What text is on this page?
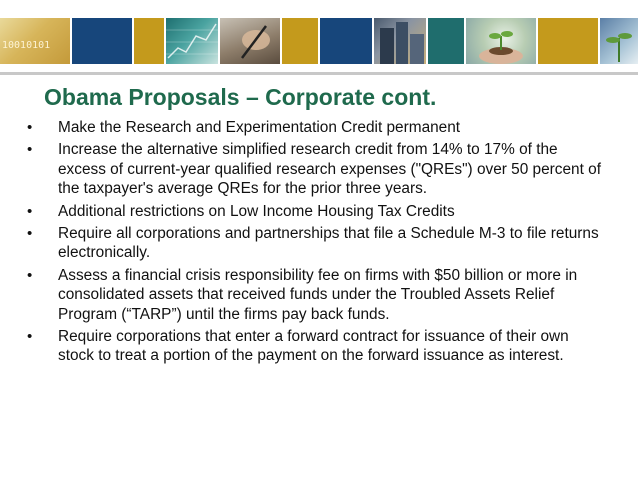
10010101
Obama Proposals – Corporate cont.
• Make the Research and Experimentation Credit permanent
• Increase the alternative simplified research credit from 14% to 17% of the excess of current-year qualified research expenses ("QREs") over 50 percent of the taxpayer's average QREs for the prior three years.
• Additional restrictions on Low Income Housing Tax Credits
• Require all corporations and partnerships that file a Schedule M-3 to file returns electronically.
• Assess a financial crisis responsibility fee on firms with $50 billion or more in consolidated assets that received funds under the Troubled Assets Relief Program (“TARP”) until the firms pay back funds.
• Require corporations that enter a forward contract for issuance of their own stock to treat a portion of the payment on the forward issuance as interest.
